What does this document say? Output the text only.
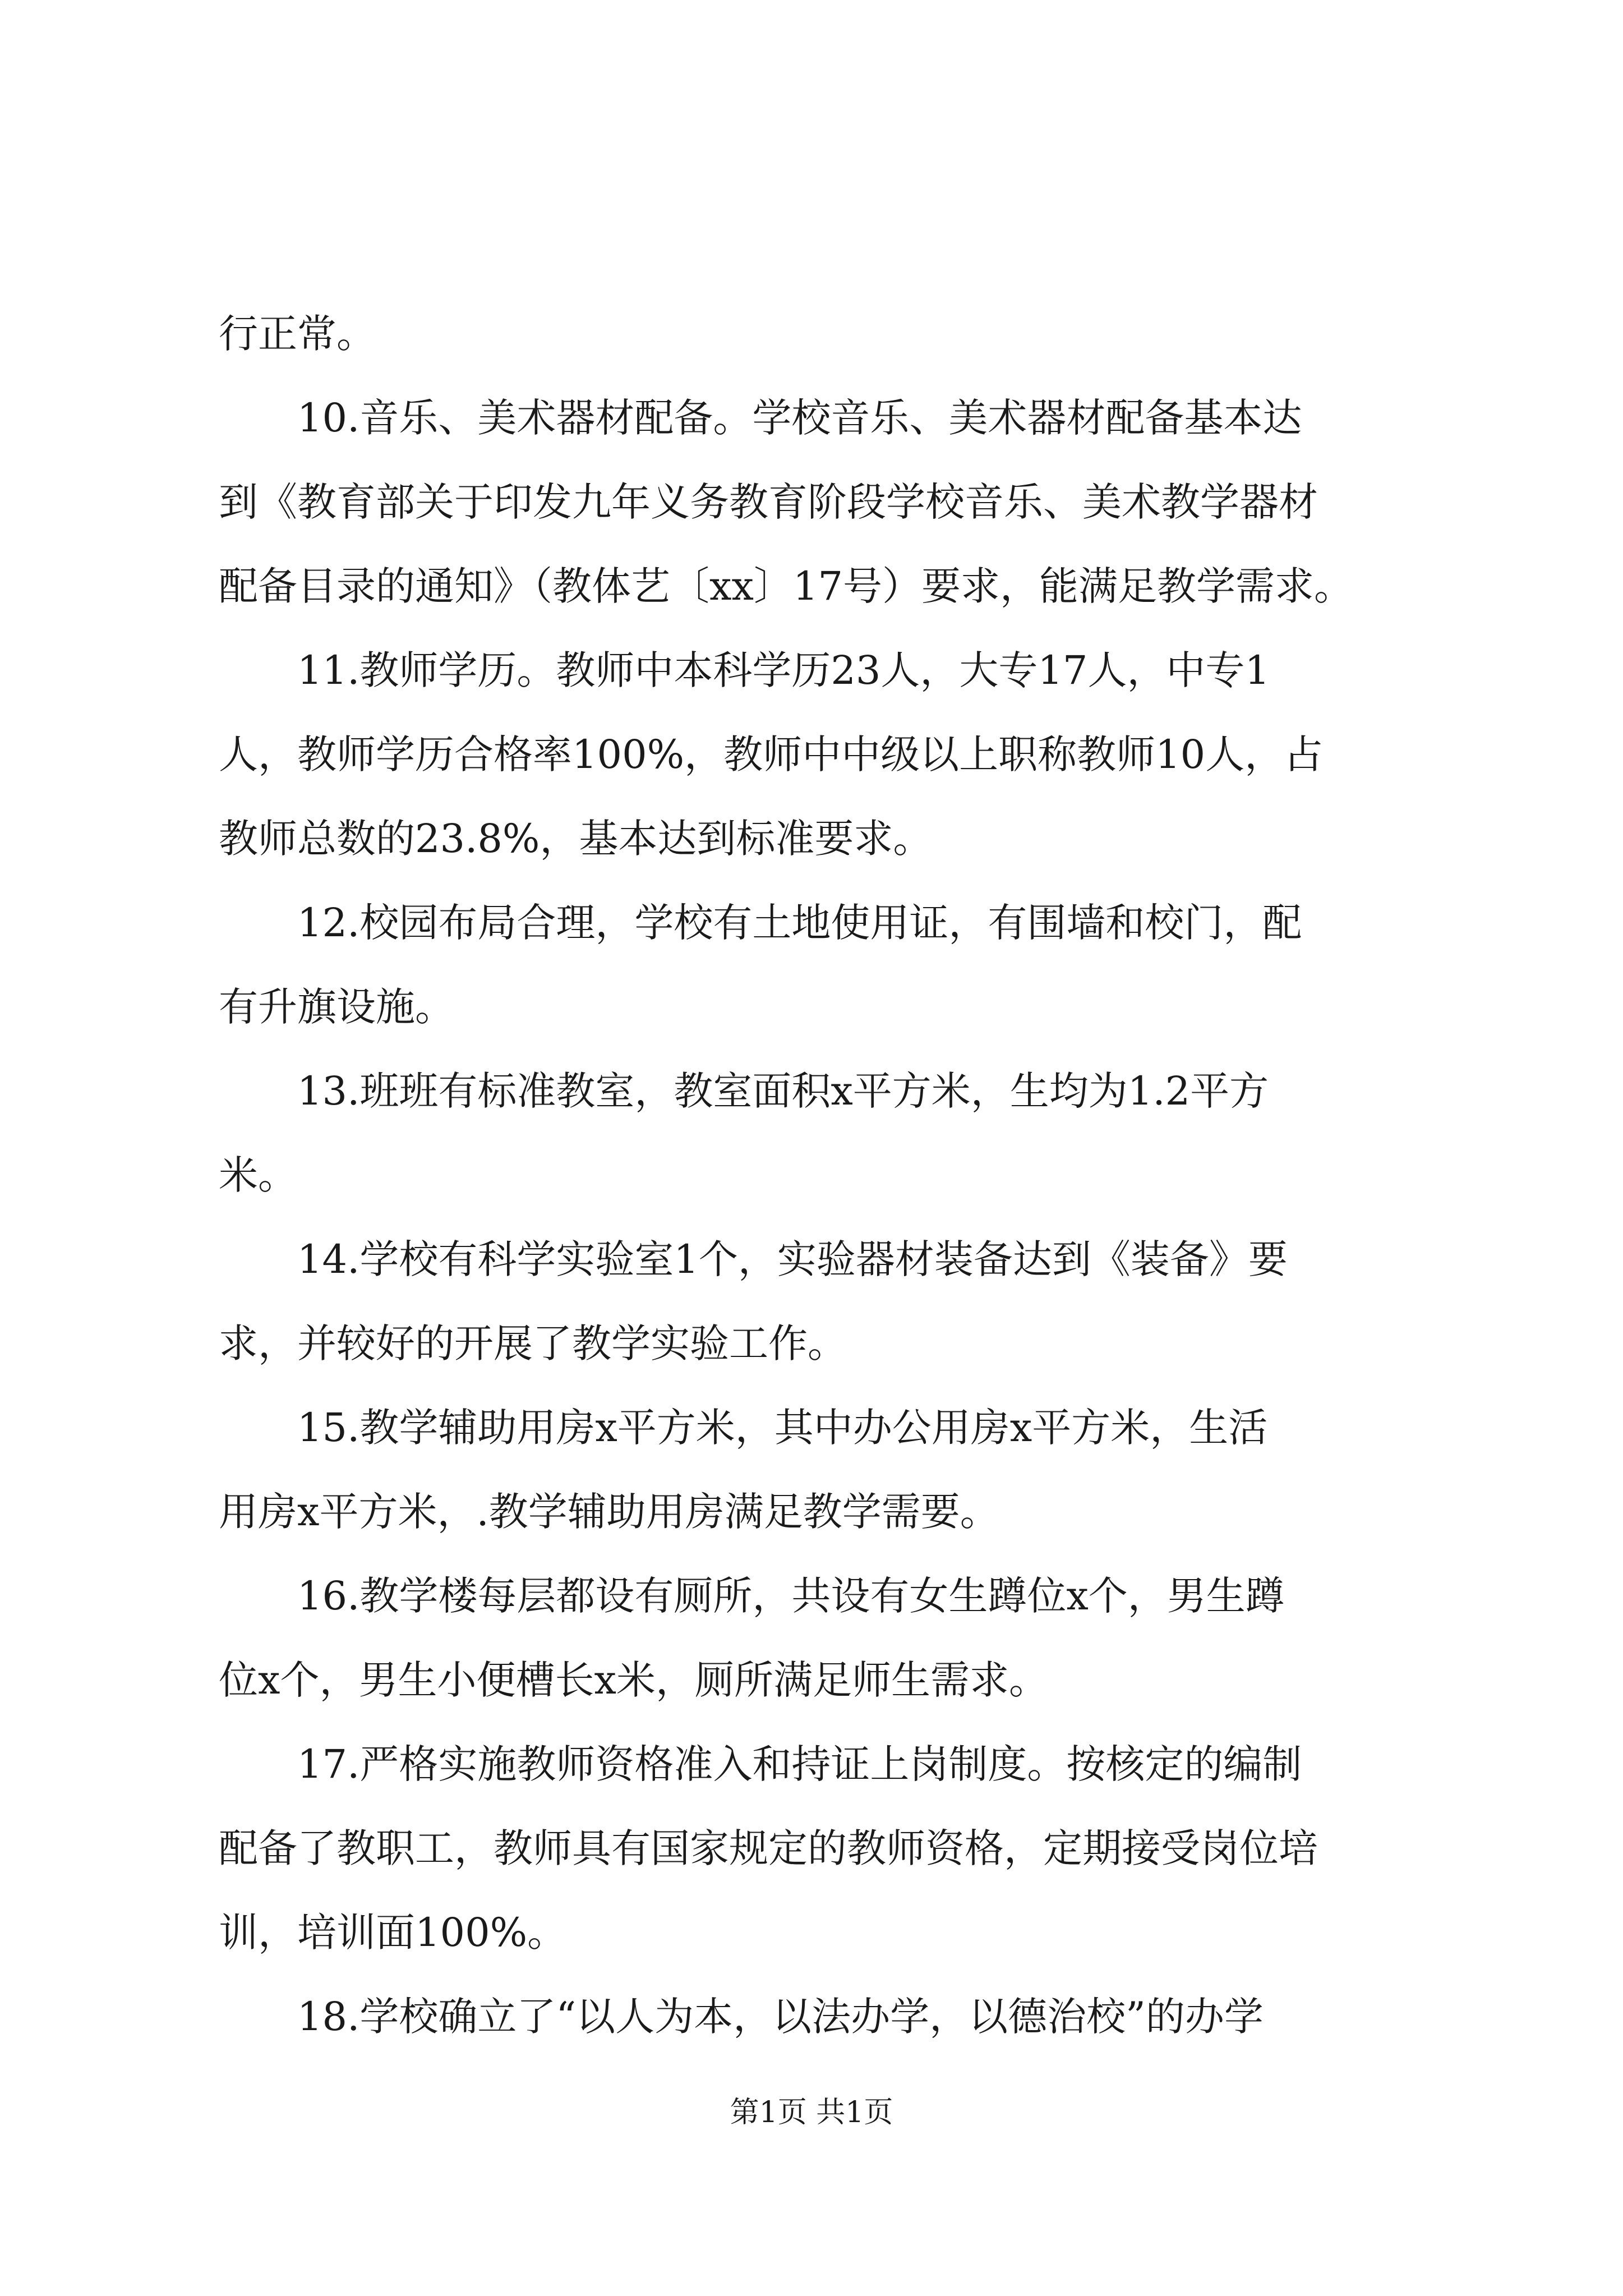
行正常。
10.音乐、美术器材配备。学校音乐、美术器材配备基本达
到《教育部关于印发九年义务教育阶段学校音乐、美术教学器材
配备目录的通知》（教体艺〔xx〕17号）要求，能满足教学需求。
11.教师学历。教师中本科学历23人，大专17人，中专1
人，教师学历合格率100%，教师中中级以上职称教师10人，占
教师总数的23.8%，基本达到标准要求。
12.校园布局合理，学校有土地使用证，有围墙和校门，配
有升旗设施。
13.班班有标准教室，教室面积x平方米，生均为1.2平方
米。
14.学校有科学实验室1个，实验器材装备达到《装备》要
求，并较好的开展了教学实验工作。
15.教学辅助用房x平方米，其中办公用房x平方米，生活
用房x平方米，.教学辅助用房满足教学需要。
16.教学楼每层都设有厕所，共设有女生蹲位x个，男生蹲
位x个，男生小便槽长x米，厕所满足师生需求。
17.严格实施教师资格准入和持证上岗制度。按核定的编制
配备了教职工，教师具有国家规定的教师资格，定期接受岗位培
训，培训面100%。
18.学校确立了“以人为本，以法办学，以德治校”的办学
第1页 共1页
